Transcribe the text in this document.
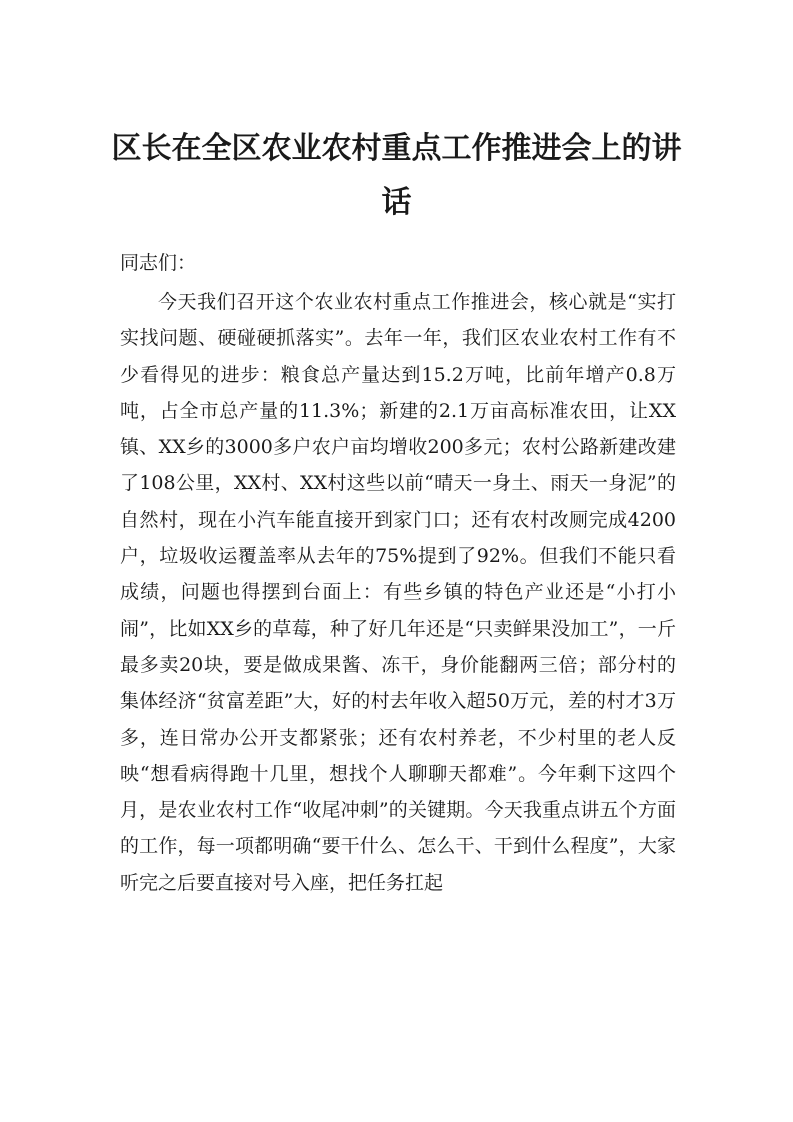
区长在全区农业农村重点工作推进会上的讲话

同志们：

今天我们召开这个农业农村重点工作推进会，核心就是“实打实找问题、硬碰硬抓落实”。去年一年，我们区农业农村工作有不少看得见的进步：粮食总产量达到15.2万吨，比前年增产0.8万吨，占全市总产量的11.3%；新建的2.1万亩高标准农田，让XX镇、XX乡的3000多户农户亩均增收200多元；农村公路新建改建了108公里，XX村、XX村这些以前“晴天一身土、雨天一身泥”的自然村，现在小汽车能直接开到家门口；还有农村改厕完成4200户，垃圾收运覆盖率从去年的75%提到了92%。但我们不能只看成绩，问题也得摆到台面上：有些乡镇的特色产业还是“小打小闹”，比如XX乡的草莓，种了好几年还是“只卖鲜果没加工”，一斤最多卖20块，要是做成果酱、冻干，身价能翻两三倍；部分村的集体经济“贫富差距”大，好的村去年收入超50万元，差的村才3万多，连日常办公开支都紧张；还有农村养老，不少村里的老人反映“想看病得跑十几里，想找个人聊聊天都难”。今年剩下这四个月，是农业农村工作“收尾冲刺”的关键期。今天我重点讲五个方面的工作，每一项都明确“要干什么、怎么干、干到什么程度”，大家听完之后要直接对号入座，把任务扛起
